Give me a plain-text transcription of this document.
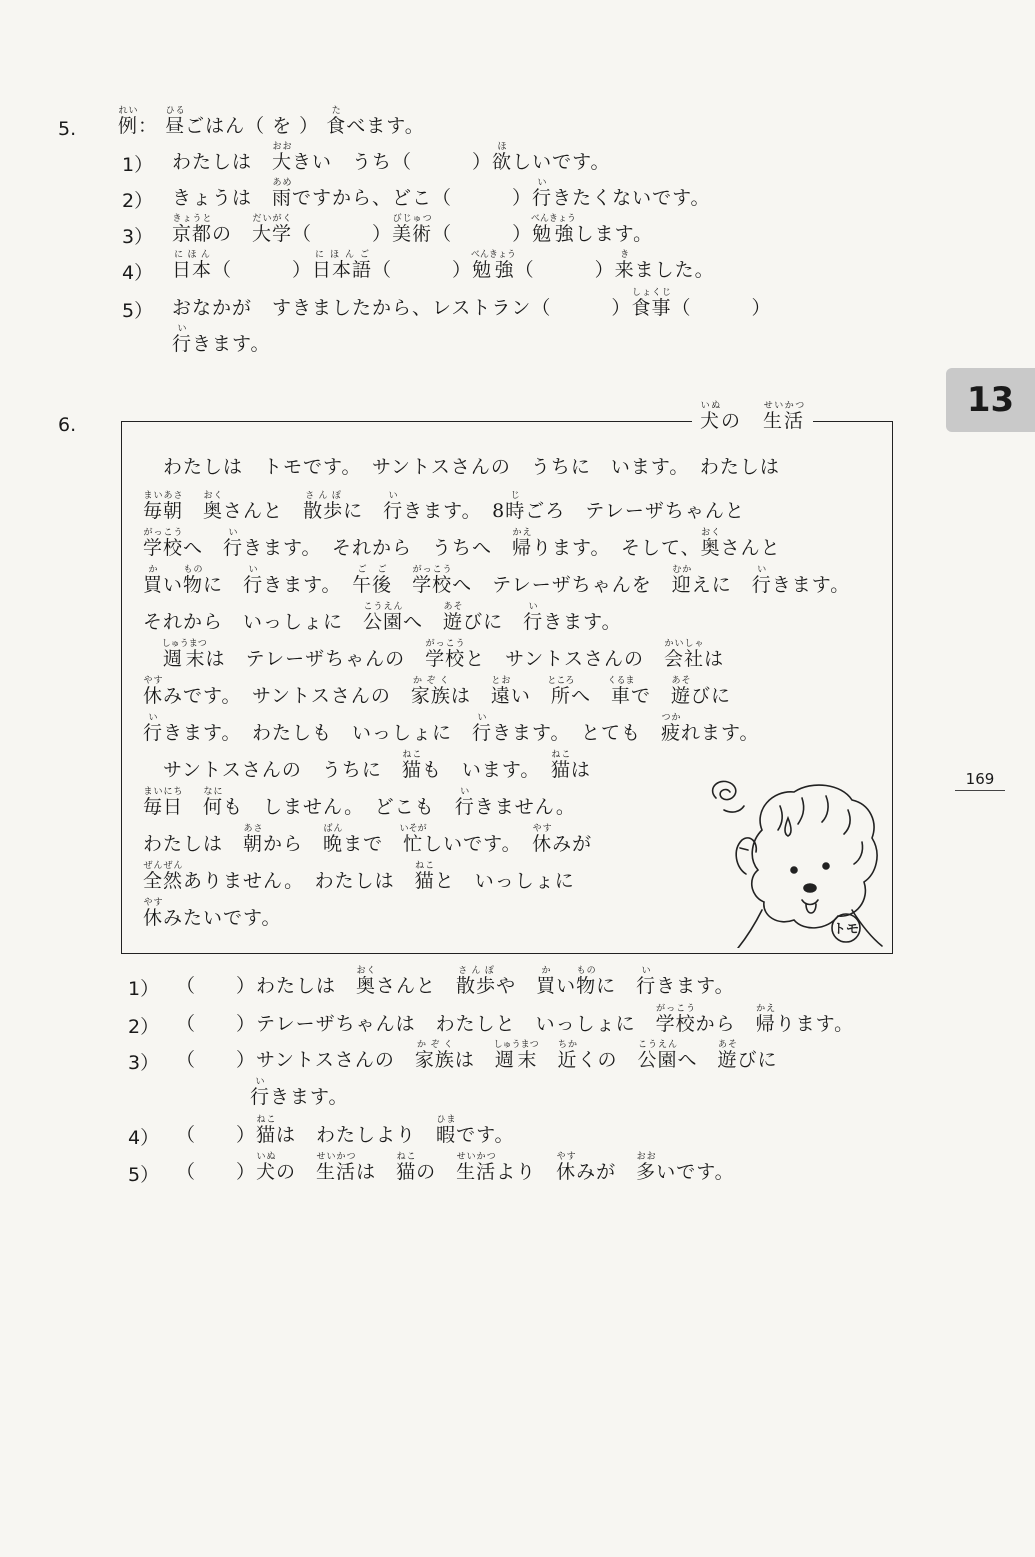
13
169
5. 例れい： 昼ひるごはん（ を ） 食たべます。
1） わたしは　大おおきい　うち（　　　）欲ほしいです。
2） きょうは　雨あめですから、どこ（　　　）行いきたくないです。
3） 京都きょうとの　大学だいがく（　　　）美術びじゅつ（　　　）勉強べんきょうします。
4） 日本にほん（　　　）日本語にほんご（　　　）勉強べんきょう（　　　）来きました。
5） おなかが　すきましたから、レストラン（　　　）食事しょくじ（　　　）
行いきます。
6.	犬いぬの　生活せいかつ
　わたしは　トモです。　サントスさんの　うちに　います。　わたしは
毎朝まいあさ　奥おくさんと　散歩さんぽに　行いきます。　8時じごろ　テレーザちゃんと
学校がっこうへ　行いきます。　それから　うちへ　帰かえります。　そして、奥おくさんと
買かい物ものに　行いきます。　午後ごご　学校がっこうへ　テレーザちゃんを　迎むかえに　行いきます。
それから　いっしょに　公園こうえんへ　遊あそびに　行いきます。
　週末しゅうまつは　テレーザちゃんの　学校がっこうと　サントスさんの　会社かいしゃは
休やすみです。　サントスさんの　家族かぞくは　遠とおい　所ところへ　車くるまで　遊あそびに
行いきます。　わたしも　いっしょに　行いきます。　とても　疲つかれます。
　サントスさんの　うちに　猫ねこも　います。　猫ねこは
毎日まいにち　何なにも　しません。　どこも　行いきません。
わたしは　朝あさから　晩ばんまで　忙いそがしいです。　休やすみが
全然ぜんぜんありません。　わたしは　猫ねこと　いっしょに
休やすみたいです。
トモ
1） （　　）わたしは　奥おくさんと　散歩さんぽや　買かい物ものに　行いきます。
2） （　　）テレーザちゃんは　わたしと　いっしょに　学校がっこうから　帰かえります。
3） （　　）サントスさんの　家族かぞくは　週末しゅうまつ　近ちかくの　公園こうえんへ　遊あそびに
行いきます。
4） （　　）猫ねこは　わたしより　暇ひまです。
5） （　　）犬いぬの　生活せいかつは　猫ねこの　生活せいかつより　休やすみが　多おおいです。
